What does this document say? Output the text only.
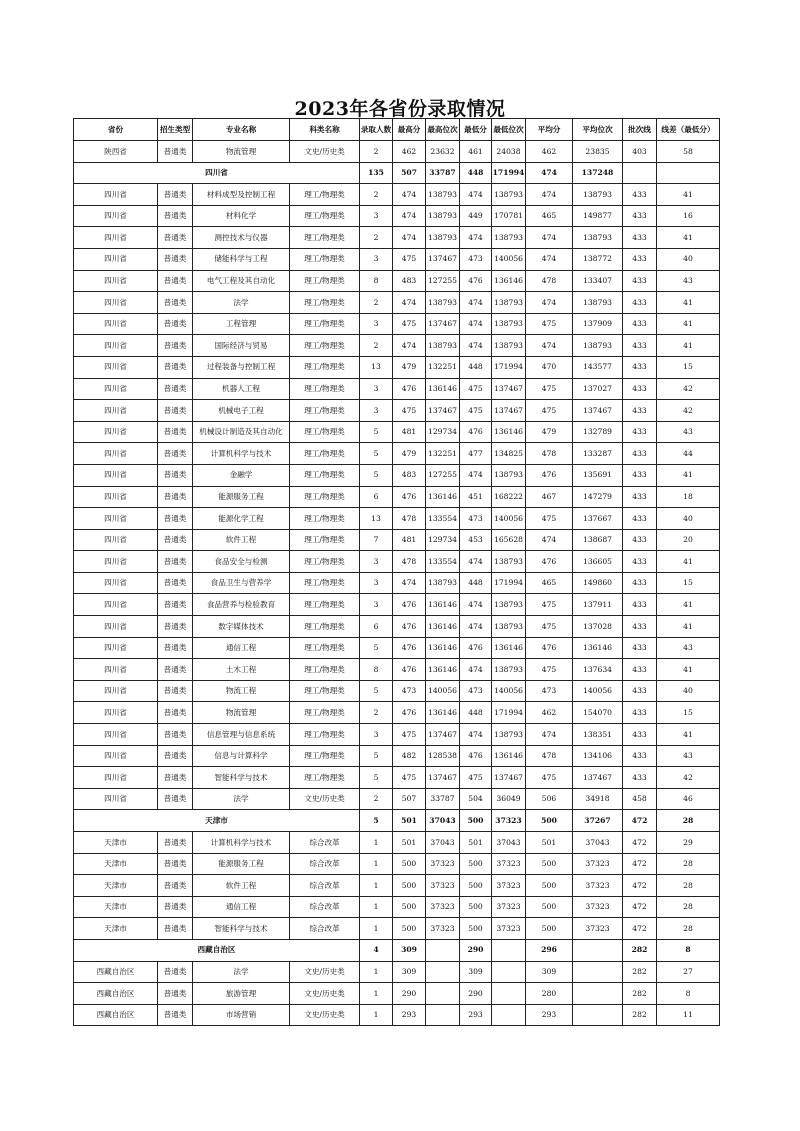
2023年各省份录取情况
省份	招生类型	专业名称	科类名称	录取人数	最高分	最高位次	最低分	最低位次	平均分	平均位次	批次线	线差（最低分）
陕西省	普通类	物流管理	文史/历史类	2	462	23632	461	24038	462	23835	403	58
四川省				135	507	33787	448	171994	474	137248		
四川省	普通类	材料成型及控制工程	理工/物理类	2	474	138793	474	138793	474	138793	433	41
四川省	普通类	材料化学	理工/物理类	3	474	138793	449	170781	465	149877	433	16
四川省	普通类	测控技术与仪器	理工/物理类	2	474	138793	474	138793	474	138793	433	41
四川省	普通类	储能科学与工程	理工/物理类	3	475	137467	473	140056	474	138772	433	40
四川省	普通类	电气工程及其自动化	理工/物理类	8	483	127255	476	136146	478	133407	433	43
四川省	普通类	法学	理工/物理类	2	474	138793	474	138793	474	138793	433	41
四川省	普通类	工程管理	理工/物理类	3	475	137467	474	138793	475	137909	433	41
四川省	普通类	国际经济与贸易	理工/物理类	2	474	138793	474	138793	474	138793	433	41
四川省	普通类	过程装备与控制工程	理工/物理类	13	479	132251	448	171994	470	143577	433	15
四川省	普通类	机器人工程	理工/物理类	3	476	136146	475	137467	475	137027	433	42
四川省	普通类	机械电子工程	理工/物理类	3	475	137467	475	137467	475	137467	433	42
四川省	普通类	机械设计制造及其自动化	理工/物理类	5	481	129734	476	136146	479	132789	433	43
四川省	普通类	计算机科学与技术	理工/物理类	5	479	132251	477	134825	478	133287	433	44
四川省	普通类	金融学	理工/物理类	5	483	127255	474	138793	476	135691	433	41
四川省	普通类	能源服务工程	理工/物理类	6	476	136146	451	168222	467	147279	433	18
四川省	普通类	能源化学工程	理工/物理类	13	478	133554	473	140056	475	137667	433	40
四川省	普通类	软件工程	理工/物理类	7	481	129734	453	165628	474	138687	433	20
四川省	普通类	食品安全与检测	理工/物理类	3	478	133554	474	138793	476	136605	433	41
四川省	普通类	食品卫生与营养学	理工/物理类	3	474	138793	448	171994	465	149860	433	15
四川省	普通类	食品营养与检验教育	理工/物理类	3	476	136146	474	138793	475	137911	433	41
四川省	普通类	数字媒体技术	理工/物理类	6	476	136146	474	138793	475	137028	433	41
四川省	普通类	通信工程	理工/物理类	5	476	136146	476	136146	476	136146	433	43
四川省	普通类	土木工程	理工/物理类	8	476	136146	474	138793	475	137634	433	41
四川省	普通类	物流工程	理工/物理类	5	473	140056	473	140056	473	140056	433	40
四川省	普通类	物流管理	理工/物理类	2	476	136146	448	171994	462	154070	433	15
四川省	普通类	信息管理与信息系统	理工/物理类	3	475	137467	474	138793	474	138351	433	41
四川省	普通类	信息与计算科学	理工/物理类	5	482	128538	476	136146	478	134106	433	43
四川省	普通类	智能科学与技术	理工/物理类	5	475	137467	475	137467	475	137467	433	42
四川省	普通类	法学	文史/历史类	2	507	33787	504	36049	506	34918	458	46
天津市				5	501	37043	500	37323	500	37267	472	28
天津市	普通类	计算机科学与技术	综合改革	1	501	37043	501	37043	501	37043	472	29
天津市	普通类	能源服务工程	综合改革	1	500	37323	500	37323	500	37323	472	28
天津市	普通类	软件工程	综合改革	1	500	37323	500	37323	500	37323	472	28
天津市	普通类	通信工程	综合改革	1	500	37323	500	37323	500	37323	472	28
天津市	普通类	智能科学与技术	综合改革	1	500	37323	500	37323	500	37323	472	28
西藏自治区				4	309		290		296		282	8
西藏自治区	普通类	法学	文史/历史类	1	309		309		309		282	27
西藏自治区	普通类	旅游管理	文史/历史类	1	290		290		280		282	8
西藏自治区	普通类	市场营销	文史/历史类	1	293		293		293		282	11
